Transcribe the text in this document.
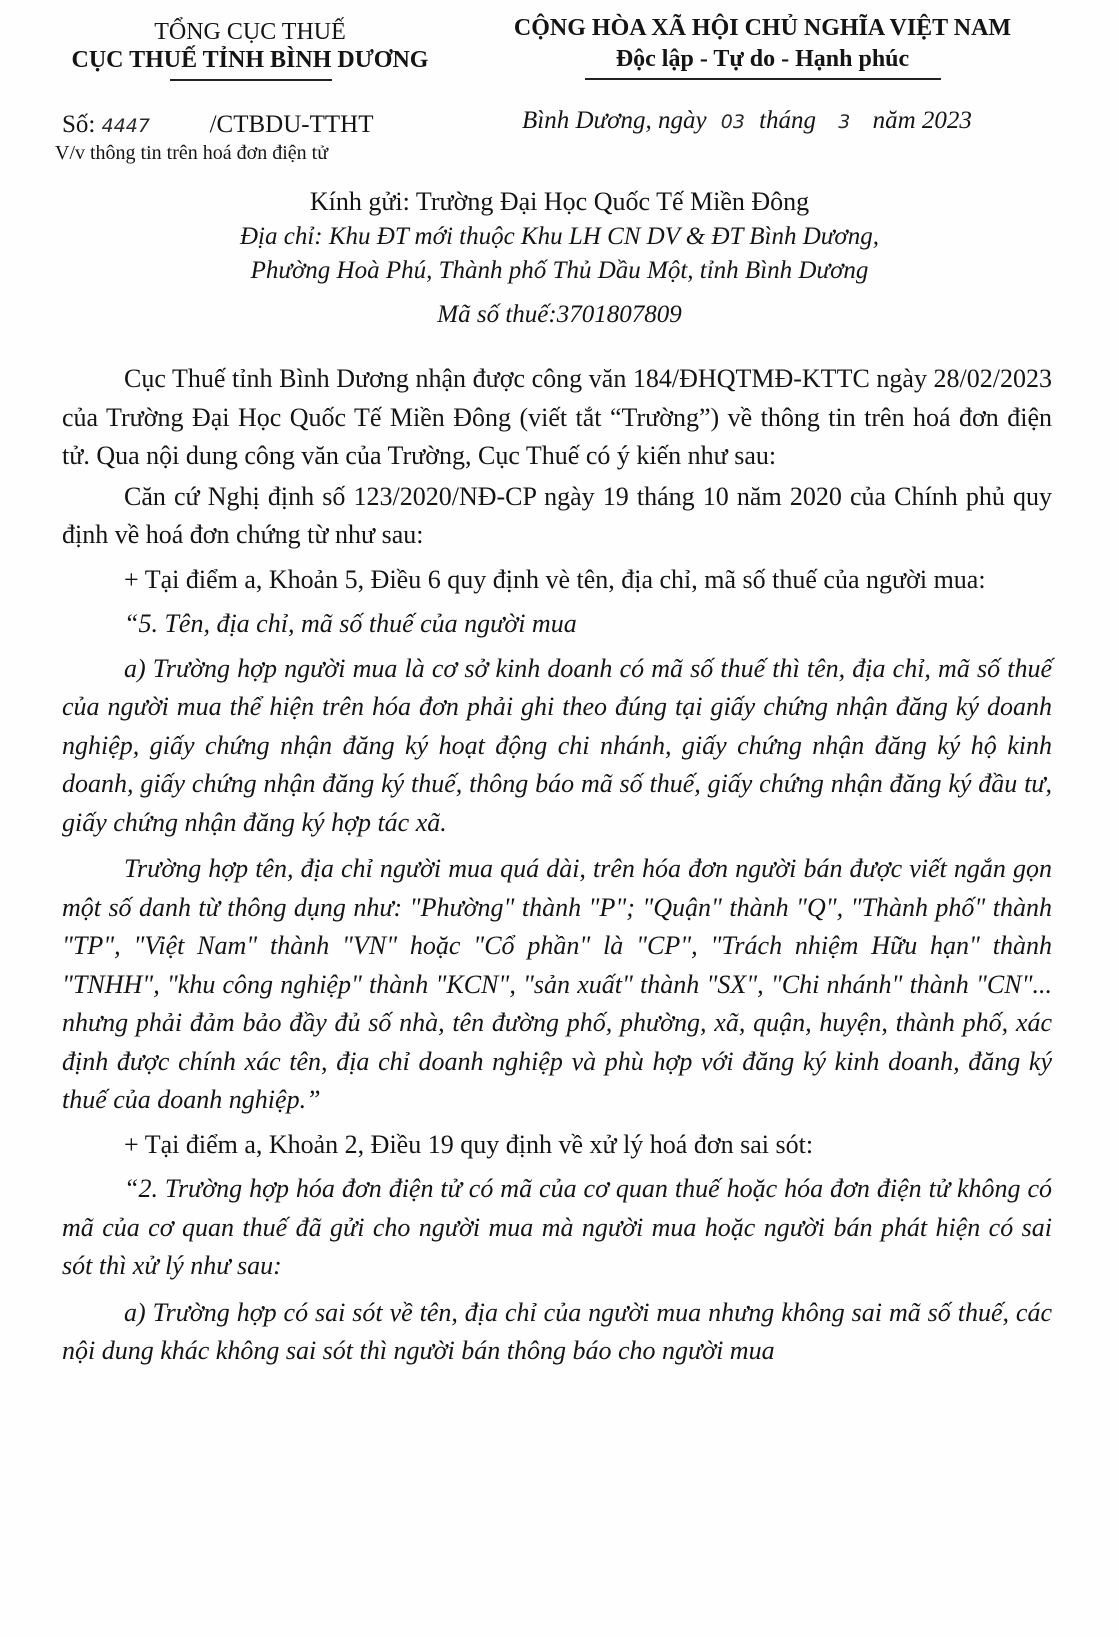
TỔNG CỤC THUẾ
CỤC THUẾ TỈNH BÌNH DƯƠNG
CỘNG HÒA XÃ HỘI CHỦ NGHĨA VIỆT NAM
Độc lập - Tự do - Hạnh phúc
Số: 4447 /CTBDU-TTHT
V/v thông tin trên hoá đơn điện tử
Bình Dương, ngày 03 tháng 3 năm 2023
Kính gửi: Trường Đại Học Quốc Tế Miền Đông
Địa chỉ: Khu ĐT mới thuộc Khu LH CN DV & ĐT Bình Dương,
Phường Hoà Phú, Thành phố Thủ Dầu Một, tỉnh Bình Dương
Mã số thuế:3701807809

Cục Thuế tỉnh Bình Dương nhận được công văn 184/ĐHQTMĐ-KTTC ngày 28/02/2023 của Trường Đại Học Quốc Tế Miền Đông (viết tắt “Trường”) về thông tin trên hoá đơn điện tử. Qua nội dung công văn của Trường, Cục Thuế có ý kiến như sau:

Căn cứ Nghị định số 123/2020/NĐ-CP ngày 19 tháng 10 năm 2020 của Chính phủ quy định về hoá đơn chứng từ như sau:

+ Tại điểm a, Khoản 5, Điều 6 quy định vè tên, địa chỉ, mã số thuế của người mua:

“5. Tên, địa chỉ, mã số thuế của người mua

a) Trường hợp người mua là cơ sở kinh doanh có mã số thuế thì tên, địa chỉ, mã số thuế của người mua thể hiện trên hóa đơn phải ghi theo đúng tại giấy chứng nhận đăng ký doanh nghiệp, giấy chứng nhận đăng ký hoạt động chi nhánh, giấy chứng nhận đăng ký hộ kinh doanh, giấy chứng nhận đăng ký thuế, thông báo mã số thuế, giấy chứng nhận đăng ký đầu tư, giấy chứng nhận đăng ký hợp tác xã.

Trường hợp tên, địa chỉ người mua quá dài, trên hóa đơn người bán được viết ngắn gọn một số danh từ thông dụng như: "Phường" thành "P"; "Quận" thành "Q", "Thành phố" thành "TP", "Việt Nam" thành "VN" hoặc "Cổ phần" là "CP", "Trách nhiệm Hữu hạn" thành "TNHH", "khu công nghiệp" thành "KCN", "sản xuất" thành "SX", "Chi nhánh" thành "CN"... nhưng phải đảm bảo đầy đủ số nhà, tên đường phố, phường, xã, quận, huyện, thành phố, xác định được chính xác tên, địa chỉ doanh nghiệp và phù hợp với đăng ký kinh doanh, đăng ký thuế của doanh nghiệp.”

+ Tại điểm a, Khoản 2, Điều 19 quy định về xử lý hoá đơn sai sót:

“2. Trường hợp hóa đơn điện tử có mã của cơ quan thuế hoặc hóa đơn điện tử không có mã của cơ quan thuế đã gửi cho người mua mà người mua hoặc người bán phát hiện có sai sót thì xử lý như sau:

a) Trường hợp có sai sót về tên, địa chỉ của người mua nhưng không sai mã số thuế, các nội dung khác không sai sót thì người bán thông báo cho người mua
